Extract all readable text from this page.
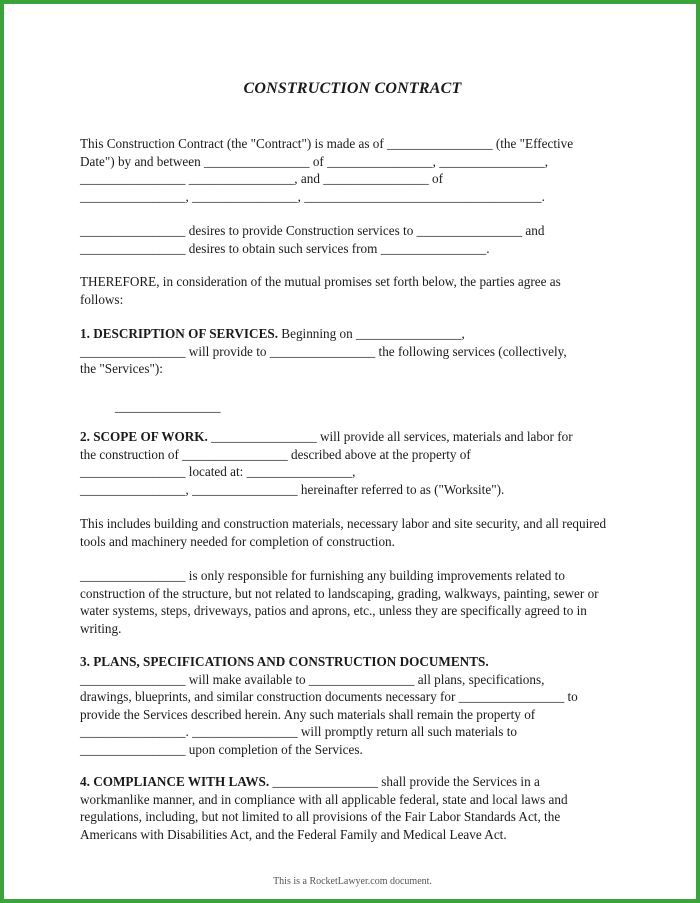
CONSTRUCTION CONTRACT
This Construction Contract (the "Contract") is made as of ________________ (the "Effective
Date") by and between ________________ of ________________, ________________,
________________ ________________, and ________________ of
________________, ________________, ____________________________________.
________________ desires to provide Construction services to ________________ and
________________ desires to obtain such services from ________________.
THEREFORE, in consideration of the mutual promises set forth below, the parties agree as
follows:
1. DESCRIPTION OF SERVICES. Beginning on ________________,
________________ will provide to ________________ the following services (collectively,
the "Services"):
________________
2. SCOPE OF WORK. ________________ will provide all services, materials and labor for
the construction of ________________ described above at the property of
________________ located at: ________________,
________________, ________________ hereinafter referred to as ("Worksite").
This includes building and construction materials, necessary labor and site security, and all required
tools and machinery needed for completion of construction.
________________ is only responsible for furnishing any building improvements related to
construction of the structure, but not related to landscaping, grading, walkways, painting, sewer or
water systems, steps, driveways, patios and aprons, etc., unless they are specifically agreed to in
writing.
3. PLANS, SPECIFICATIONS AND CONSTRUCTION DOCUMENTS.
________________ will make available to ________________ all plans, specifications,
drawings, blueprints, and similar construction documents necessary for ________________ to
provide the Services described herein. Any such materials shall remain the property of
________________. ________________ will promptly return all such materials to
________________ upon completion of the Services.
4. COMPLIANCE WITH LAWS. ________________ shall provide the Services in a
workmanlike manner, and in compliance with all applicable federal, state and local laws and
regulations, including, but not limited to all provisions of the Fair Labor Standards Act, the
Americans with Disabilities Act, and the Federal Family and Medical Leave Act.
This is a RocketLawyer.com document.
